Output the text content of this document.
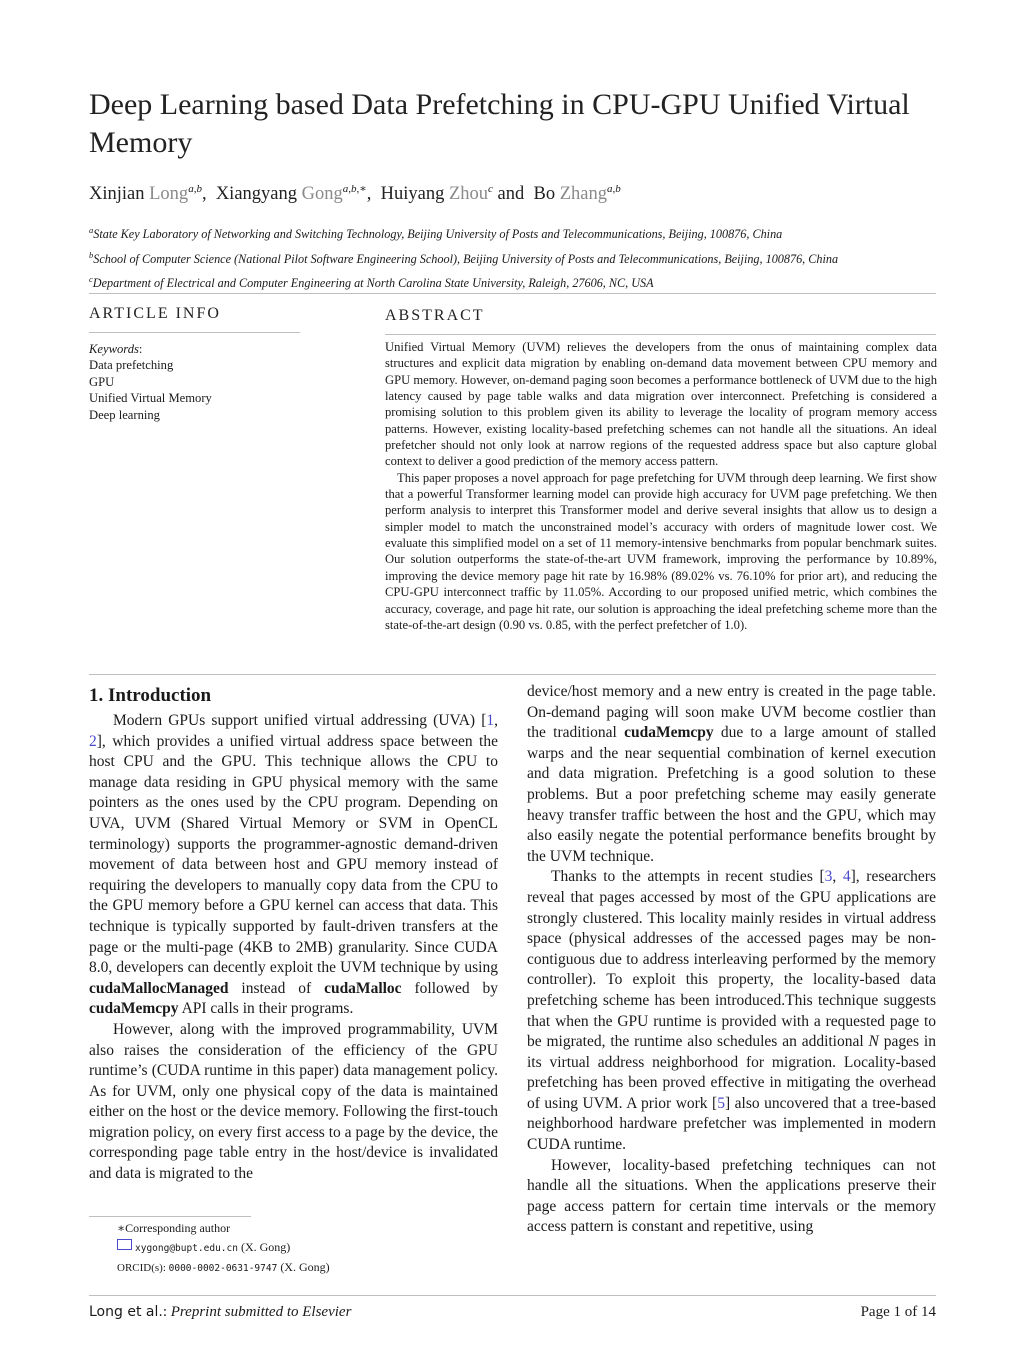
Deep Learning based Data Prefetching in CPU-GPU Unified Virtual Memory
Xinjian Long$^{a,b}$, Xiangyang Gong$^{a,b,∗}$, Huiyang Zhou$^c$ and Bo Zhang$^{a,b}$
$^a$State Key Laboratory of Networking and Switching Technology, Beijing University of Posts and Telecommunications, Beijing, 100876, China
$^b$School of Computer Science (National Pilot Software Engineering School), Beijing University of Posts and Telecommunications, Beijing, 100876, China
$^c$Department of Electrical and Computer Engineering at North Carolina State University, Raleigh, 27606, NC, USA
ARTICLE INFO
Keywords:
Data prefetching
GPU
Unified Virtual Memory
Deep learning
ABSTRACT

Unified Virtual Memory (UVM) relieves the developers from the onus of maintaining complex data structures and explicit data migration by enabling on-demand data movement between CPU memory and GPU memory. However, on-demand paging soon becomes a performance bottleneck of UVM due to the high latency caused by page table walks and data migration over interconnect. Prefetching is considered a promising solution to this problem given its ability to leverage the locality of program memory access patterns. However, existing locality-based prefetching schemes can not handle all the situations. An ideal prefetcher should not only look at narrow regions of the requested address space but also capture global context to deliver a good prediction of the memory access pattern.

This paper proposes a novel approach for page prefetching for UVM through deep learning. We first show that a powerful Transformer learning model can provide high accuracy for UVM page prefetching. We then perform analysis to interpret this Transformer model and derive several insights that allow us to design a simpler model to match the unconstrained model’s accuracy with orders of magnitude lower cost. We evaluate this simplified model on a set of 11 memory-intensive benchmarks from popular benchmark suites. Our solution outperforms the state-of-the-art UVM framework, improving the performance by 10.89%, improving the device memory page hit rate by 16.98% (89.02% vs. 76.10% for prior art), and reducing the CPU-GPU interconnect traffic by 11.05%. According to our proposed unified metric, which combines the accuracy, coverage, and page hit rate, our solution is approaching the ideal prefetching scheme more than the state-of-the-art design (0.90 vs. 0.85, with the perfect prefetcher of 1.0).

1. Introduction

Modern GPUs support unified virtual addressing (UVA) [1, 2], which provides a unified virtual address space between the host CPU and the GPU. This technique allows the CPU to manage data residing in GPU physical memory with the same pointers as the ones used by the CPU program. Depending on UVA, UVM (Shared Virtual Memory or SVM in OpenCL terminology) supports the programmer-agnostic demand-driven movement of data between host and GPU memory instead of requiring the developers to manually copy data from the CPU to the GPU memory before a GPU kernel can access that data. This technique is typically supported by fault-driven transfers at the page or the multi-page (4KB to 2MB) granularity. Since CUDA 8.0, developers can decently exploit the UVM technique by using cudaMallocManaged instead of cudaMalloc followed by cudaMemcpy API calls in their programs.

However, along with the improved programmability, UVM also raises the consideration of the efficiency of the GPU runtime’s (CUDA runtime in this paper) data management policy. As for UVM, only one physical copy of the data is maintained either on the host or the device memory. Following the first-touch migration policy, on every first access to a page by the device, the corresponding page table entry in the host/device is invalidated and data is migrated to the

device/host memory and a new entry is created in the page table. On-demand paging will soon make UVM become costlier than the traditional cudaMemcpy due to a large amount of stalled warps and the near sequential combination of kernel execution and data migration. Prefetching is a good solution to these problems. But a poor prefetching scheme may easily generate heavy transfer traffic between the host and the GPU, which may also easily negate the potential performance benefits brought by the UVM technique.

Thanks to the attempts in recent studies [3, 4], researchers reveal that pages accessed by most of the GPU applications are strongly clustered. This locality mainly resides in virtual address space (physical addresses of the accessed pages may be non-contiguous due to address interleaving performed by the memory controller). To exploit this property, the locality-based data prefetching scheme has been introduced.This technique suggests that when the GPU runtime is provided with a requested page to be migrated, the runtime also schedules an additional N pages in its virtual address neighborhood for migration. Locality-based prefetching has been proved effective in mitigating the overhead of using UVM. A prior work [5] also uncovered that a tree-based neighborhood hardware prefetcher was implemented in modern CUDA runtime.

However, locality-based prefetching techniques can not handle all the situations. When the applications preserve their page access pattern for certain time intervals or the memory access pattern is constant and repetitive, using

∗Corresponding author
xygong@bupt.edu.cn (X. Gong)
ORCID(s): 0000-0002-0631-9747 (X. Gong)
Long et al.: Preprint submitted to Elsevier	Page 1 of 14
